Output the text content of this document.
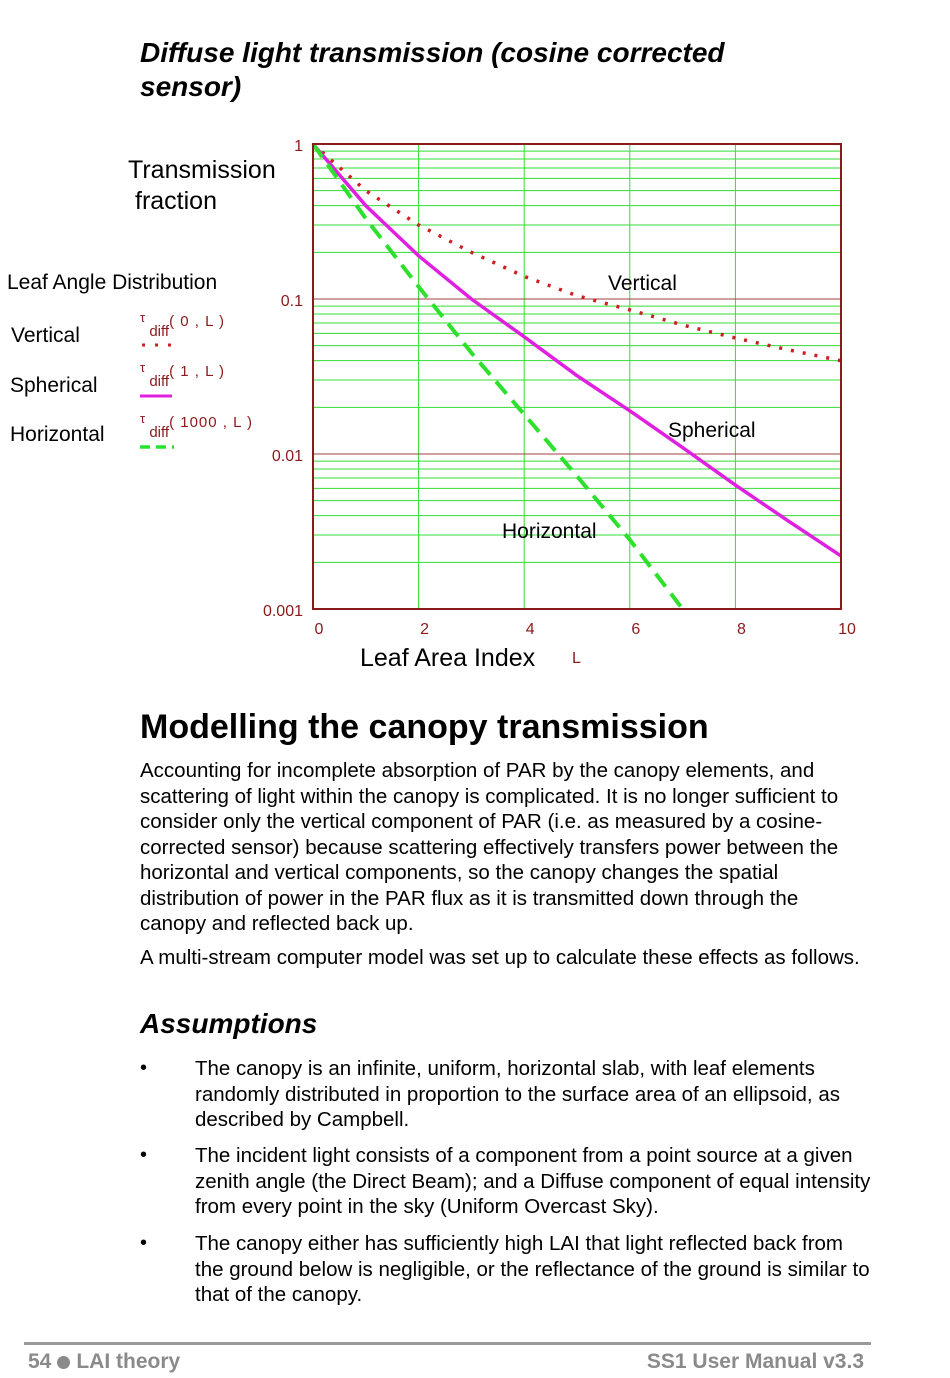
Diffuse light transmission (cosine corrected sensor)
Transmission
fraction
Leaf Angle Distribution
Vertical
τ diff( 0 , L )
Spherical
τ diff( 1 , L )
Horizontal
τ diff( 1000 , L )
0	2	4	6	8	10
1
0.1
0.01
0.001
Vertical
Spherical
Horizontal
Leaf Area Index L
Modelling the canopy transmission
Accounting for incomplete absorption of PAR by the canopy elements, and scattering of light within the canopy is complicated. It is no longer sufficient to consider only the vertical component of PAR (i.e. as measured by a cosine-corrected sensor) because scattering effectively transfers power between the horizontal and vertical components, so the canopy changes the spatial distribution of power in the PAR flux as it is transmitted down through the canopy and reflected back up.
A multi-stream computer model was set up to calculate these effects as follows.
Assumptions
• The canopy is an infinite, uniform, horizontal slab, with leaf elements randomly distributed in proportion to the surface area of an ellipsoid, as described by Campbell.
• The incident light consists of a component from a point source at a given zenith angle (the Direct Beam); and a Diffuse component of equal intensity from every point in the sky (Uniform Overcast Sky).
• The canopy either has sufficiently high LAI that light reflected back from the ground below is negligible, or the reflectance of the ground is similar to that of the canopy.
54 LAI theory	SS1 User Manual v3.3
